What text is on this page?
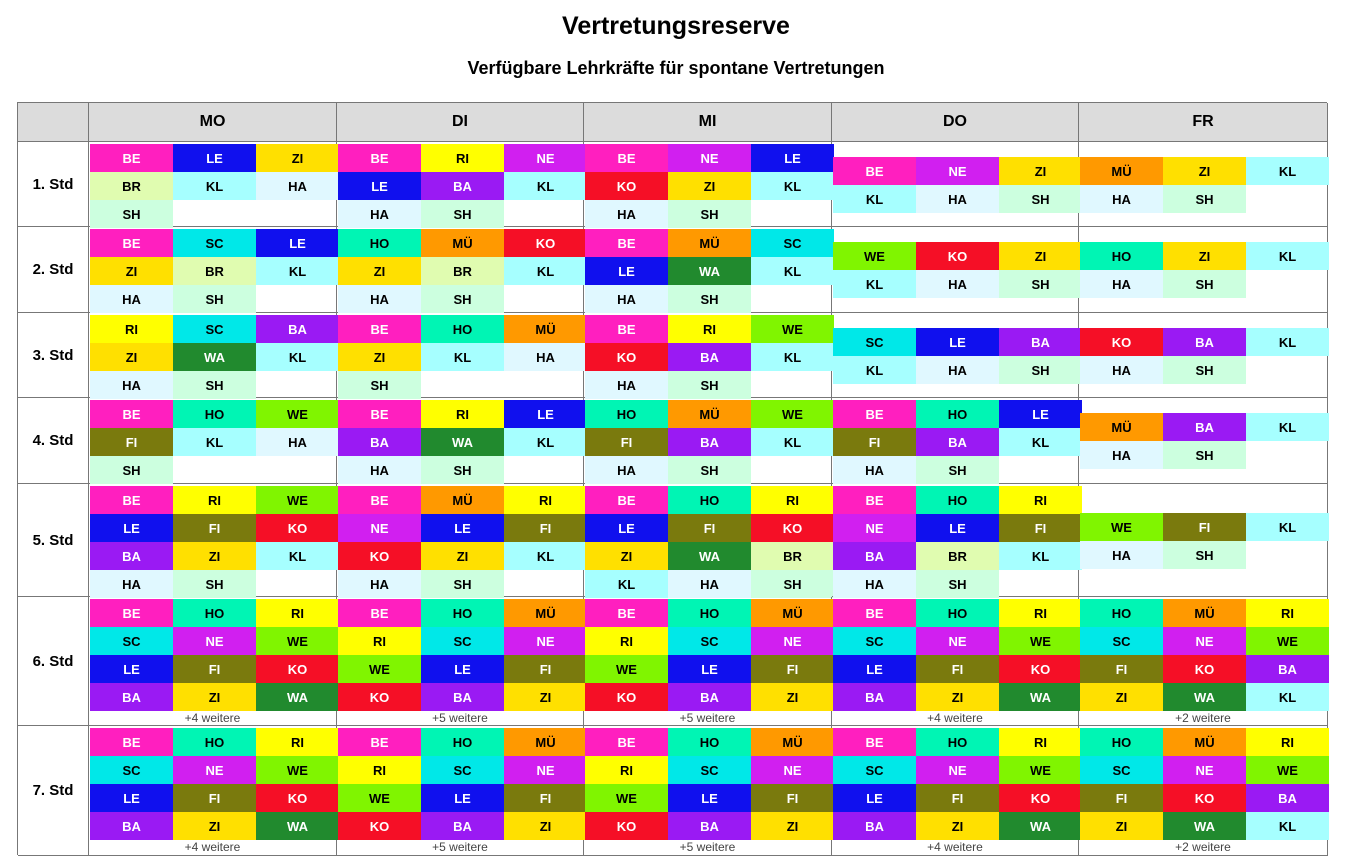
Vertretungsreserve
Verfügbare Lehrkräfte für spontane Vertretungen
MO	DI	MI	DO	FR
1. Std
BE	LE	ZI
BR	KL	HA
SH
BE	RI	NE
LE	BA	KL
HA	SH
BE	NE	LE
KO	ZI	KL
HA	SH
BE	NE	ZI
KL	HA	SH
MÜ	ZI	KL
HA	SH
2. Std
BE	SC	LE
ZI	BR	KL
HA	SH
HO	MÜ	KO
ZI	BR	KL
HA	SH
BE	MÜ	SC
LE	WA	KL
HA	SH
WE	KO	ZI
KL	HA	SH
HO	ZI	KL
HA	SH
3. Std
RI	SC	BA
ZI	WA	KL
HA	SH
BE	HO	MÜ
ZI	KL	HA
SH
BE	RI	WE
KO	BA	KL
HA	SH
SC	LE	BA
KL	HA	SH
KO	BA	KL
HA	SH
4. Std
BE	HO	WE
FI	KL	HA
SH
BE	RI	LE
BA	WA	KL
HA	SH
HO	MÜ	WE
FI	BA	KL
HA	SH
BE	HO	LE
FI	BA	KL
HA	SH
MÜ	BA	KL
HA	SH
5. Std
BE	RI	WE
LE	FI	KO
BA	ZI	KL
HA	SH
BE	MÜ	RI
NE	LE	FI
KO	ZI	KL
HA	SH
BE	HO	RI
LE	FI	KO
ZI	WA	BR
KL	HA	SH
BE	HO	RI
NE	LE	FI
BA	BR	KL
HA	SH
WE	FI	KL
HA	SH
6. Std
BE	HO	RI
SC	NE	WE
LE	FI	KO
BA	ZI	WA
+4 weitere
BE	HO	MÜ
RI	SC	NE
WE	LE	FI
KO	BA	ZI
+5 weitere
BE	HO	MÜ
RI	SC	NE
WE	LE	FI
KO	BA	ZI
+5 weitere
BE	HO	RI
SC	NE	WE
LE	FI	KO
BA	ZI	WA
+4 weitere
HO	MÜ	RI
SC	NE	WE
FI	KO	BA
ZI	WA	KL
+2 weitere
7. Std
BE	HO	RI
SC	NE	WE
LE	FI	KO
BA	ZI	WA
+4 weitere
BE	HO	MÜ
RI	SC	NE
WE	LE	FI
KO	BA	ZI
+5 weitere
BE	HO	MÜ
RI	SC	NE
WE	LE	FI
KO	BA	ZI
+5 weitere
BE	HO	RI
SC	NE	WE
LE	FI	KO
BA	ZI	WA
+4 weitere
HO	MÜ	RI
SC	NE	WE
FI	KO	BA
ZI	WA	KL
+2 weitere
